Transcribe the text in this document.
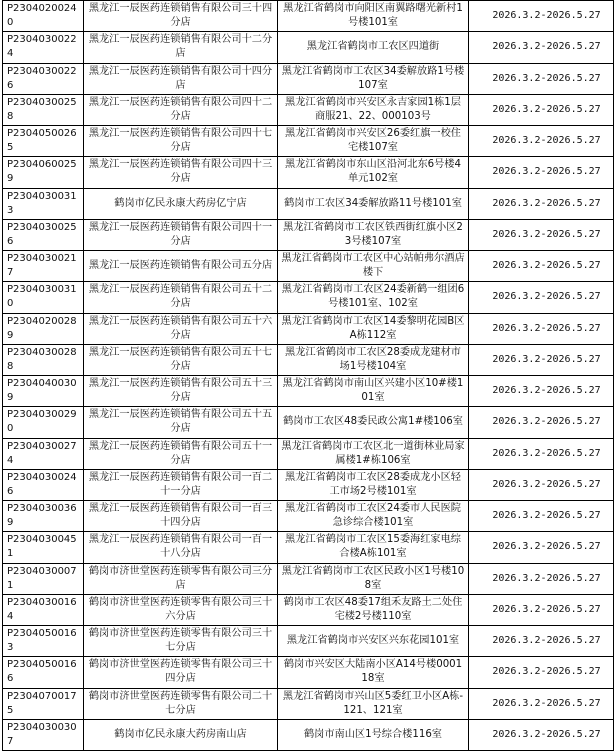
P23040200240	黑龙江一辰医药连锁销售有限公司三十四分店	黑龙江省鹤岗市向阳区南翼路曙光新村1号楼101室	2026.3.2-2026.5.27
P23040300224	黑龙江一辰医药连锁销售有限公司十二分店	黑龙江省鹤岗市工农区四道街	2026.3.2-2026.5.27
P23040300226	黑龙江一辰医药连锁销售有限公司十四分店	黑龙江省鹤岗市工农区34委解放路1号楼107室	2026.3.2-2026.5.27
P23040300258	黑龙江一辰医药连锁销售有限公司四十二分店	黑龙江省鹤岗市兴安区永吉家园1栋1层商服21、22、000103号	2026.3.2-2026.5.27
P23040500265	黑龙江一辰医药连锁销售有限公司四十七分店	黑龙江省鹤岗市兴安区26委红旗一校住宅楼107室	2026.3.2-2026.5.27
P23040600259	黑龙江一辰医药连锁销售有限公司四十三分店	黑龙江省鹤岗市东山区沿河北东6号楼4单元102室	2026.3.2-2026.5.27
P23040300313	鹤岗市亿民永康大药房亿宁店	鹤岗市工农区34委解放路11号楼101室	2026.3.2-2026.5.27
P23040300256	黑龙江一辰医药连锁销售有限公司四十一分店	黑龙江省鹤岗市工农区铁西街红旗小区23号楼107室	2026.3.2-2026.5.27
P23040300217	黑龙江一辰医药连锁销售有限公司五分店	黑龙江省鹤岗市工农区中心站帕弗尔酒店楼下	2026.3.2-2026.5.27
P23040300310	黑龙江一辰医药连锁销售有限公司五十二分店	黑龙江省鹤岗市工农区24委新鹤一组团6号楼101室、102室	2026.3.2-2026.5.27
P23040200289	黑龙江一辰医药连锁销售有限公司五十六分店	黑龙江省鹤岗市工农区14委黎明花园B区A栋112室	2026.3.2-2026.5.27
P23040300288	黑龙江一辰医药连锁销售有限公司五十七分店	黑龙江省鹤岗市工农区28委成龙建材市场1号楼104室	2026.3.2-2026.5.27
P23040400309	黑龙江一辰医药连锁销售有限公司五十三分店	黑龙江省鹤岗市南山区兴建小区10#楼101室	2026.3.2-2026.5.27
P23040300290	黑龙江一辰医药连锁销售有限公司五十五分店	鹤岗市工农区48委民政公寓1#楼106室	2026.3.2-2026.5.27
P23040300274	黑龙江一辰医药连锁销售有限公司五十一分店	黑龙江省鹤岗市工农区北一道街林业局家属楼1#栋106室	2026.3.2-2026.5.27
P23040300246	黑龙江一辰医药连锁销售有限公司一百二十一分店	黑龙江省鹤岗市工农区28委成龙小区轻工市场2号楼101室	2026.3.2-2026.5.27
P23040300369	黑龙江一辰医药连锁销售有限公司一百三十四分店	黑龙江省鹤岗市工农区24委市人民医院急诊综合楼101室	2026.3.2-2026.5.27
P23040300451	黑龙江一辰医药连锁销售有限公司一百一十八分店	黑龙江省鹤岗市工农区15委海红家电综合楼A栋101室	2026.3.2-2026.5.27
P23040300071	鹤岗市济世堂医药连锁零售有限公司三分店	黑龙江省鹤岗市工农区民政小区1号楼108室	2026.3.2-2026.5.27
P23040300164	鹤岗市济世堂医药连锁零售有限公司三十六分店	鹤岗市工农区48委17组禾友路土二处住宅楼2号楼110室	2026.3.2-2026.5.27
P23040500163	鹤岗市济世堂医药连锁零售有限公司三十七分店	黑龙江省鹤岗市兴安区兴东花园101室	2026.3.2-2026.5.27
P23040500166	鹤岗市济世堂医药连锁零售有限公司三十四分店	鹤岗市兴安区大陆南小区A14号楼000118室	2026.3.2-2026.5.27
P23040700175	鹤岗市济世堂医药连锁零售有限公司二十七分店	黑龙江省鹤岗市兴山区5委红卫小区A栋-121、121室	2026.3.2-2026.5.27
P23040300307	鹤岗市亿民永康大药房南山店	鹤岗市南山区1号综合楼116室	2026.3.2-2026.5.27
